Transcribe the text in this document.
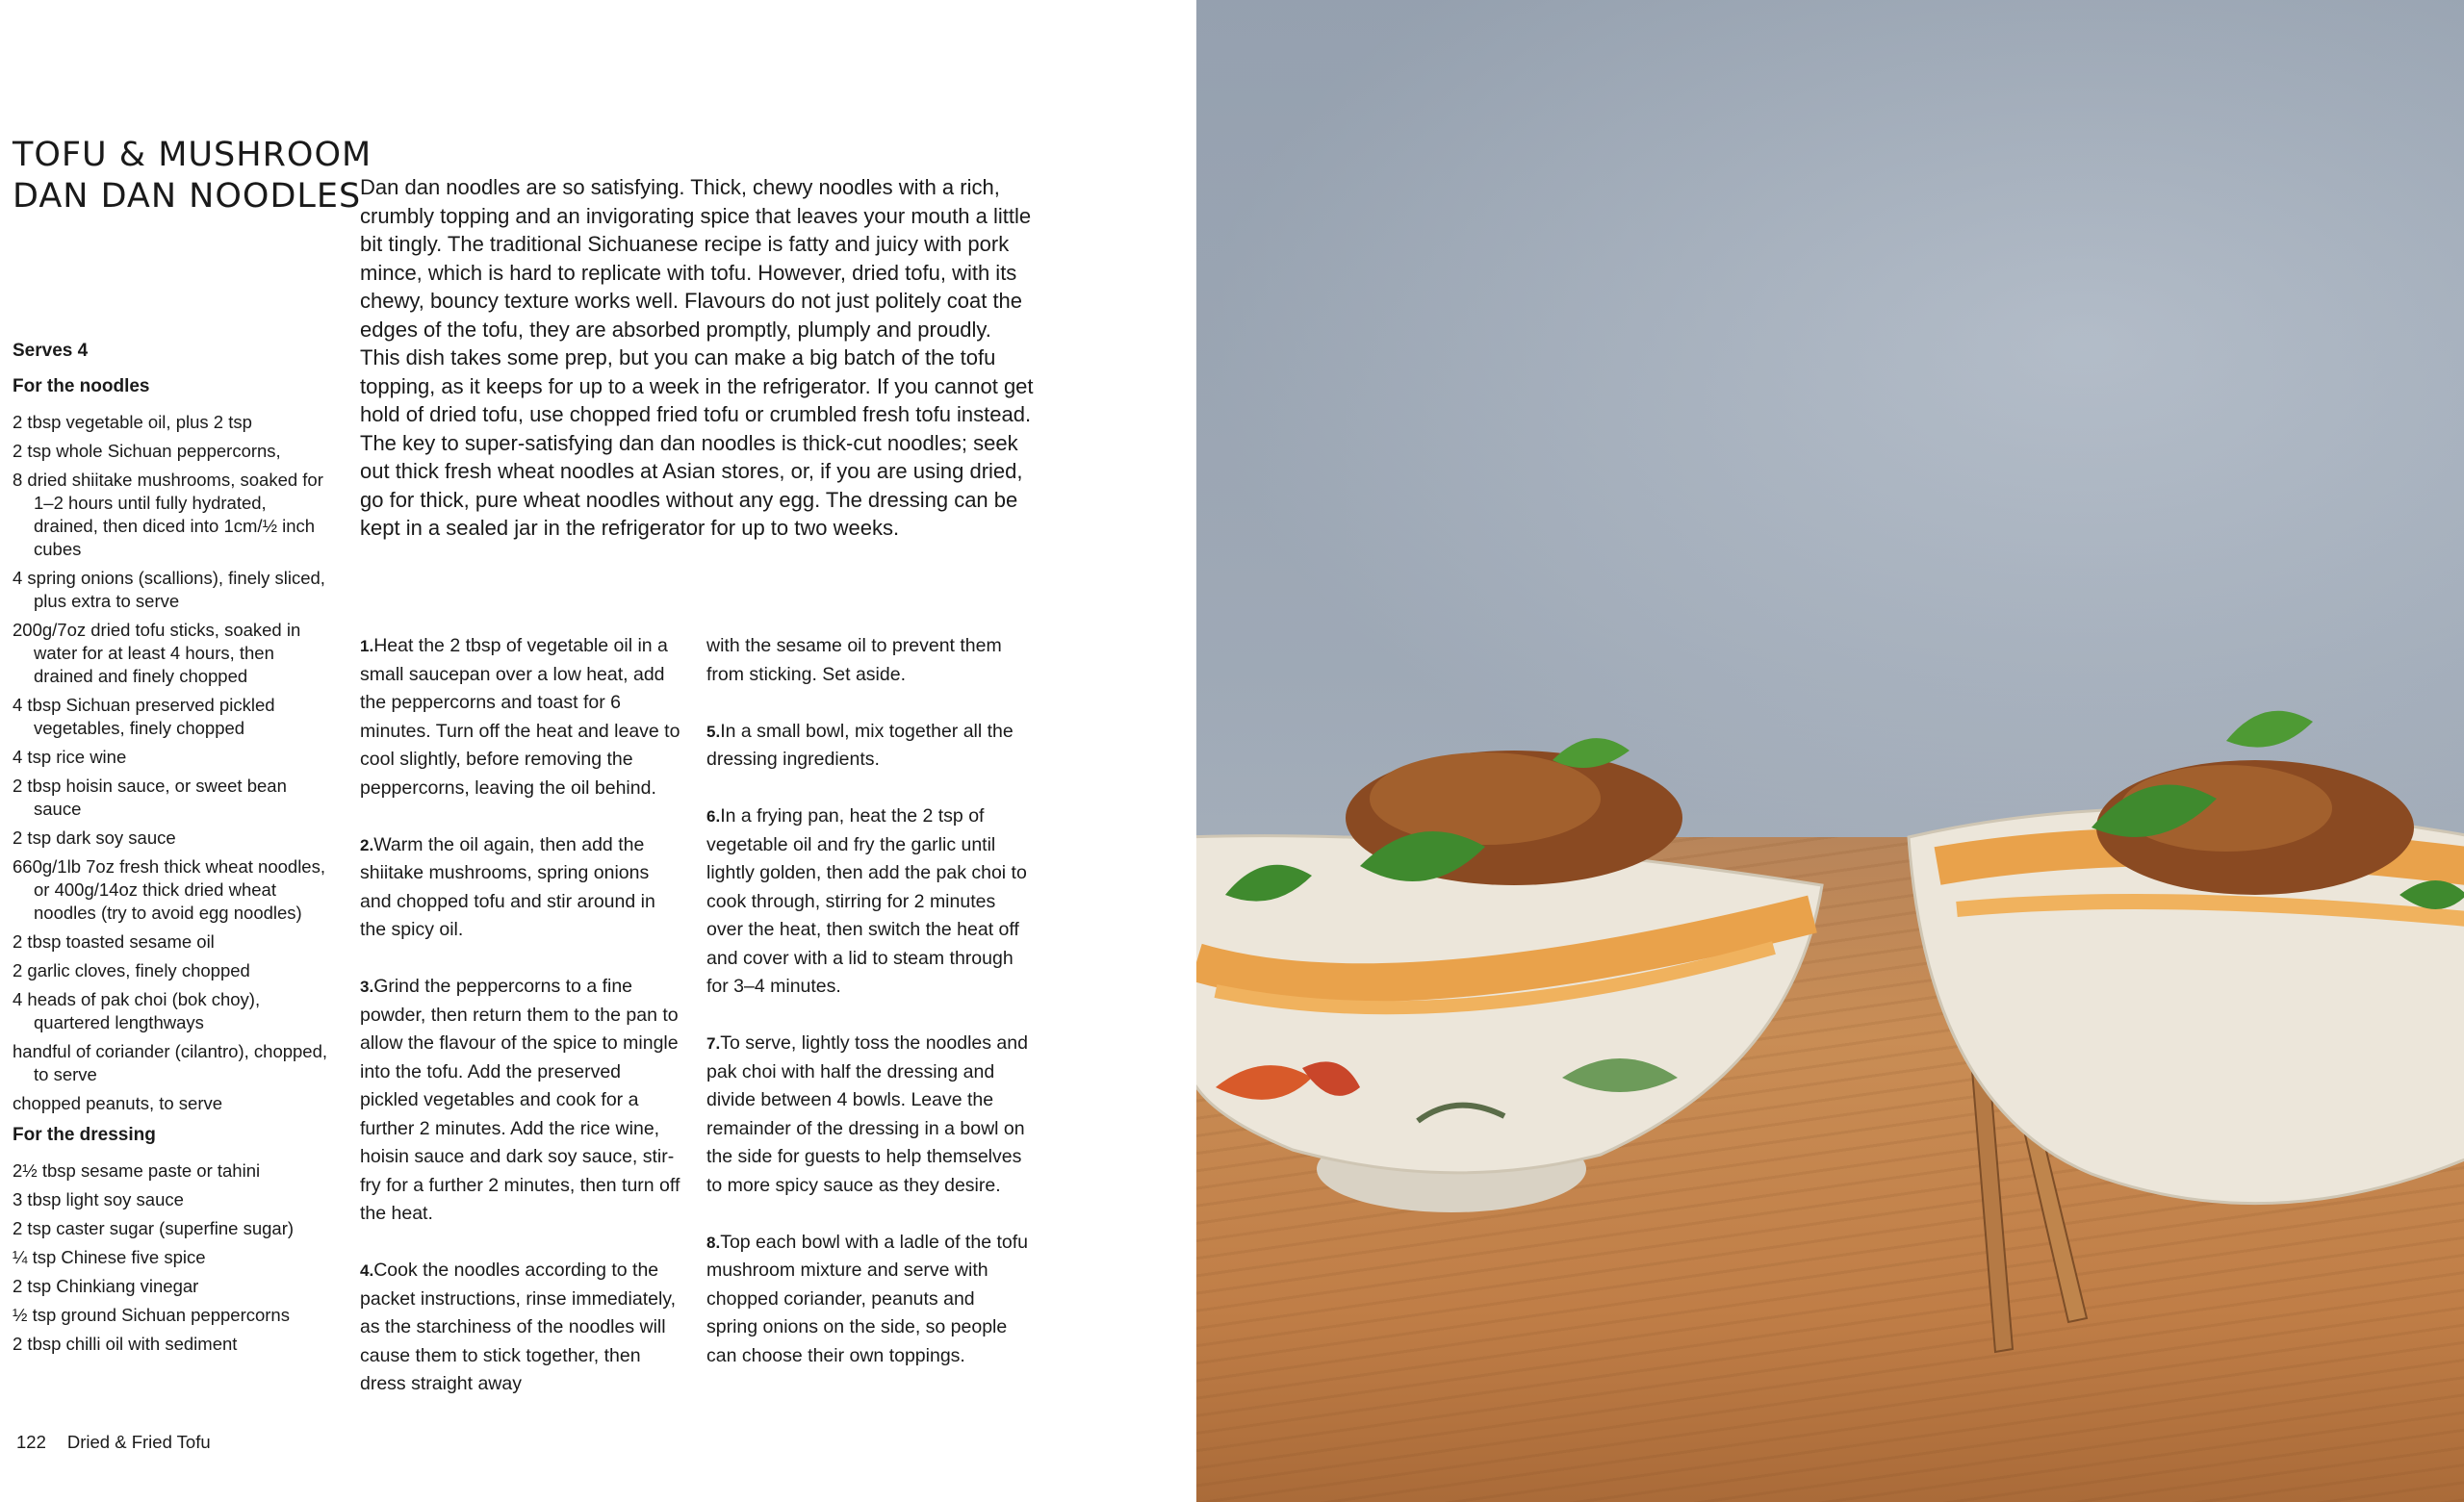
TOFU & MUSHROOM
DAN DAN NOODLES

Dan dan noodles are so satisfying. Thick, chewy noodles with a rich, crumbly topping and an invigorating spice that leaves your mouth a little bit tingly. The traditional Sichuanese recipe is fatty and juicy with pork mince, which is hard to replicate with tofu. However, dried tofu, with its chewy, bouncy texture works well. Flavours do not just politely coat the edges of the tofu, they are absorbed promptly, plumply and proudly. This dish takes some prep, but you can make a big batch of the tofu topping, as it keeps for up to a week in the refrigerator. If you cannot get hold of dried tofu, use chopped fried tofu or crumbled fresh tofu instead. The key to super-satisfying dan dan noodles is thick-cut noodles; seek out thick fresh wheat noodles at Asian stores, or, if you are using dried, go for thick, pure wheat noodles without any egg. The dressing can be kept in a sealed jar in the refrigerator for up to two weeks.

Serves 4
For the noodles
2 tbsp vegetable oil, plus 2 tsp
2 tsp whole Sichuan peppercorns,
8 dried shiitake mushrooms, soaked for 1–2 hours until fully hydrated, drained, then diced into 1cm/½ inch cubes
4 spring onions (scallions), finely sliced, plus extra to serve
200g/7oz dried tofu sticks, soaked in water for at least 4 hours, then drained and finely chopped
4 tbsp Sichuan preserved pickled vegetables, finely chopped
4 tsp rice wine
2 tbsp hoisin sauce, or sweet bean sauce
2 tsp dark soy sauce
660g/1lb 7oz fresh thick wheat noodles, or 400g/14oz thick dried wheat noodles (try to avoid egg noodles)
2 tbsp toasted sesame oil
2 garlic cloves, finely chopped
4 heads of pak choi (bok choy), quartered lengthways
handful of coriander (cilantro), chopped, to serve
chopped peanuts, to serve
For the dressing
2½ tbsp sesame paste or tahini
3 tbsp light soy sauce
2 tsp caster sugar (superfine sugar)
¼ tsp Chinese five spice
2 tsp Chinkiang vinegar
½ tsp ground Sichuan peppercorns
2 tbsp chilli oil with sediment

1.Heat the 2 tbsp of vegetable oil in a small saucepan over a low heat, add the peppercorns and toast for 6 minutes. Turn off the heat and leave to cool slightly, before removing the peppercorns, leaving the oil behind.

2.Warm the oil again, then add the shiitake mushrooms, spring onions and chopped tofu and stir around in the spicy oil.

3.Grind the peppercorns to a fine powder, then return them to the pan to allow the flavour of the spice to mingle into the tofu. Add the preserved pickled vegetables and cook for a further 2 minutes. Add the rice wine, hoisin sauce and dark soy sauce, stir-fry for a further 2 minutes, then turn off the heat.

4.Cook the noodles according to the packet instructions, rinse immediately, as the starchiness of the noodles will cause them to stick together, then dress straight away

with the sesame oil to prevent them from sticking. Set aside.

5.In a small bowl, mix together all the dressing ingredients.

6.In a frying pan, heat the 2 tsp of vegetable oil and fry the garlic until lightly golden, then add the pak choi to cook through, stirring for 2 minutes over the heat, then switch the heat off and cover with a lid to steam through for 3–4 minutes.

7.To serve, lightly toss the noodles and pak choi with half the dressing and divide between 4 bowls. Leave the remainder of the dressing in a bowl on the side for guests to help themselves to more spicy sauce as they desire.

8.Top each bowl with a ladle of the tofu mushroom mixture and serve with chopped coriander, peanuts and spring onions on the side, so people can choose their own toppings.

122 Dried & Fried Tofu
